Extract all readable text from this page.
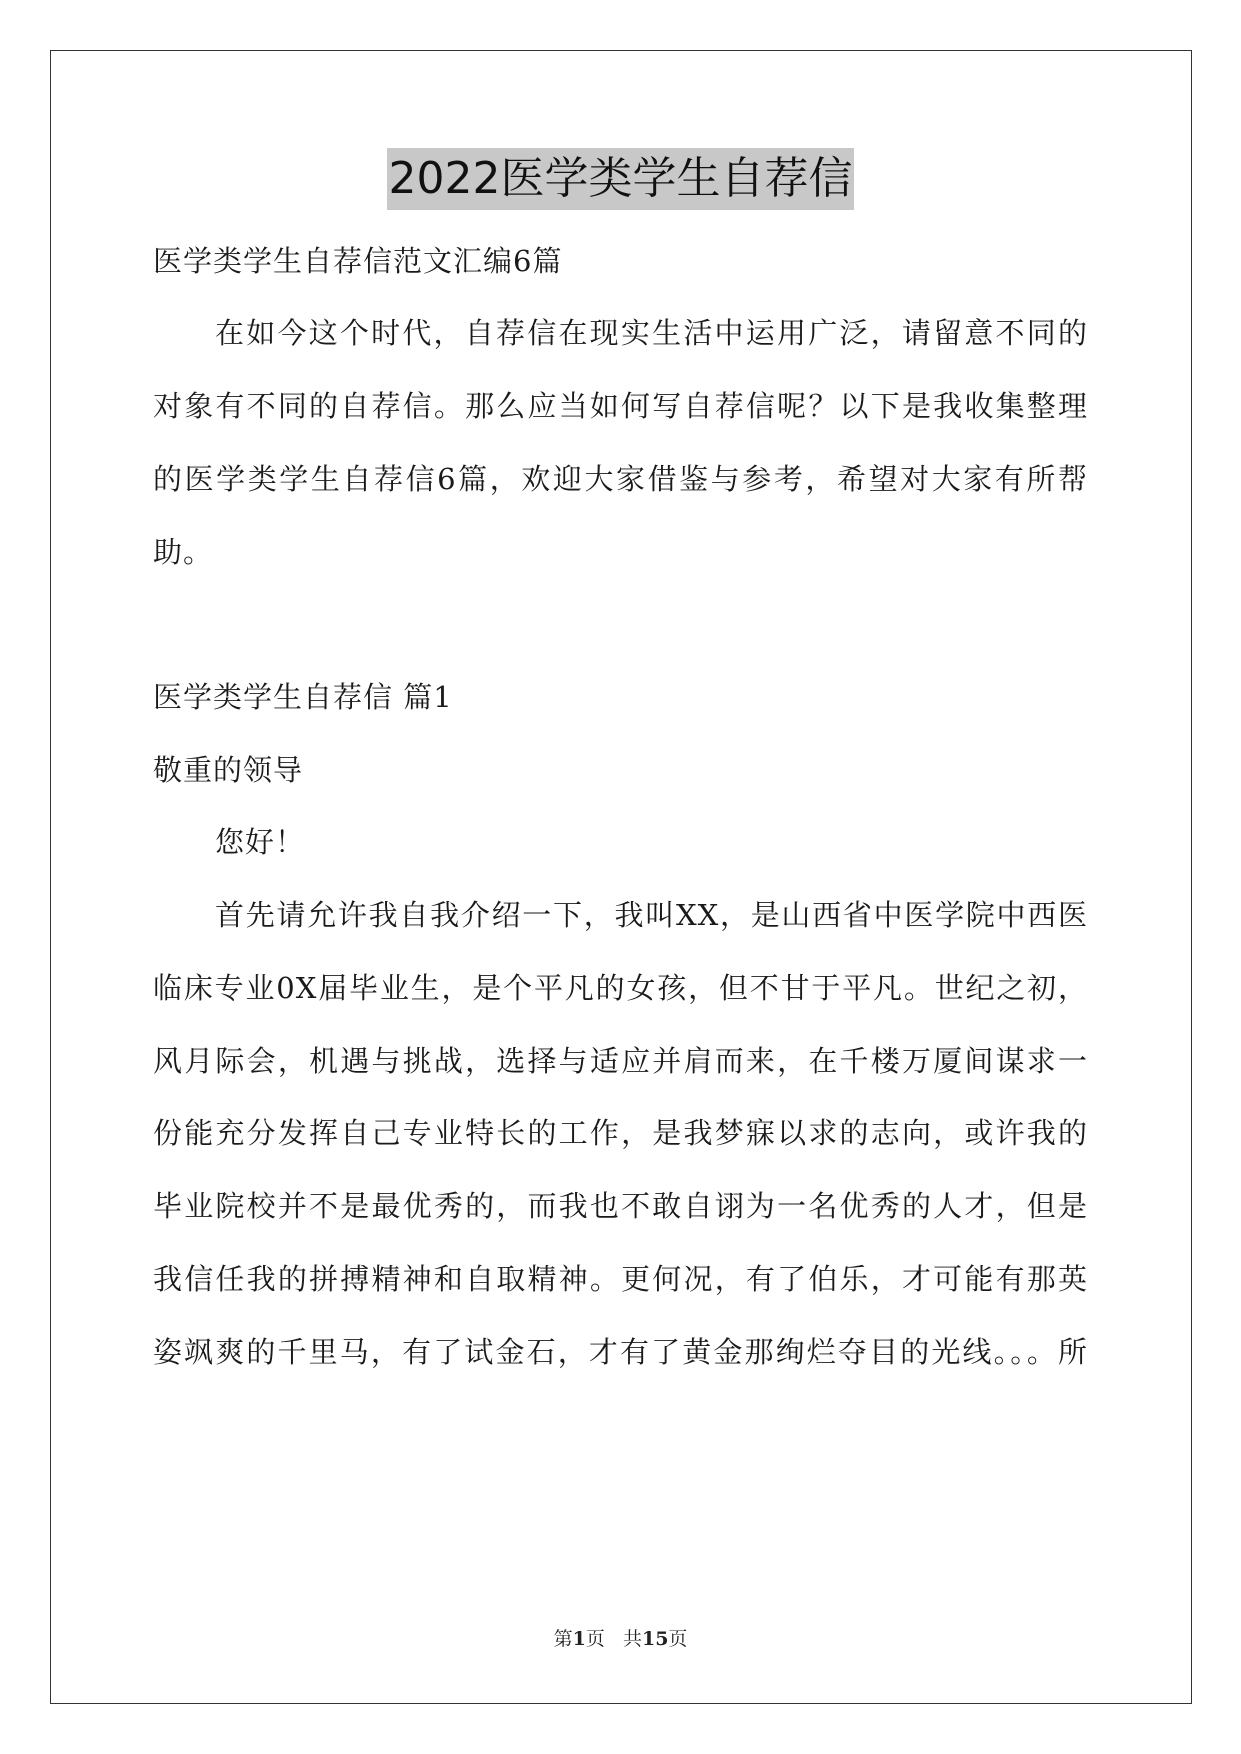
2022医学类学生自荐信
医学类学生自荐信范文汇编6篇
在如今这个时代，自荐信在现实生活中运用广泛，请留意不同的
对象有不同的自荐信。那么应当如何写自荐信呢？以下是我收集整理
的医学类学生自荐信6篇，欢迎大家借鉴与参考，希望对大家有所帮
助。
医学类学生自荐信 篇1
敬重的领导
您好！
首先请允许我自我介绍一下，我叫XX，是山西省中医学院中西医
临床专业0X届毕业生，是个平凡的女孩，但不甘于平凡。世纪之初，
风月际会，机遇与挑战，选择与适应并肩而来，在千楼万厦间谋求一
份能充分发挥自己专业特长的工作，是我梦寐以求的志向，或许我的
毕业院校并不是最优秀的，而我也不敢自诩为一名优秀的人才，但是
我信任我的拼搏精神和自取精神。更何况，有了伯乐，才可能有那英
姿飒爽的千里马，有了试金石，才有了黄金那绚烂夺目的光线。。。所
第1页 共15页
